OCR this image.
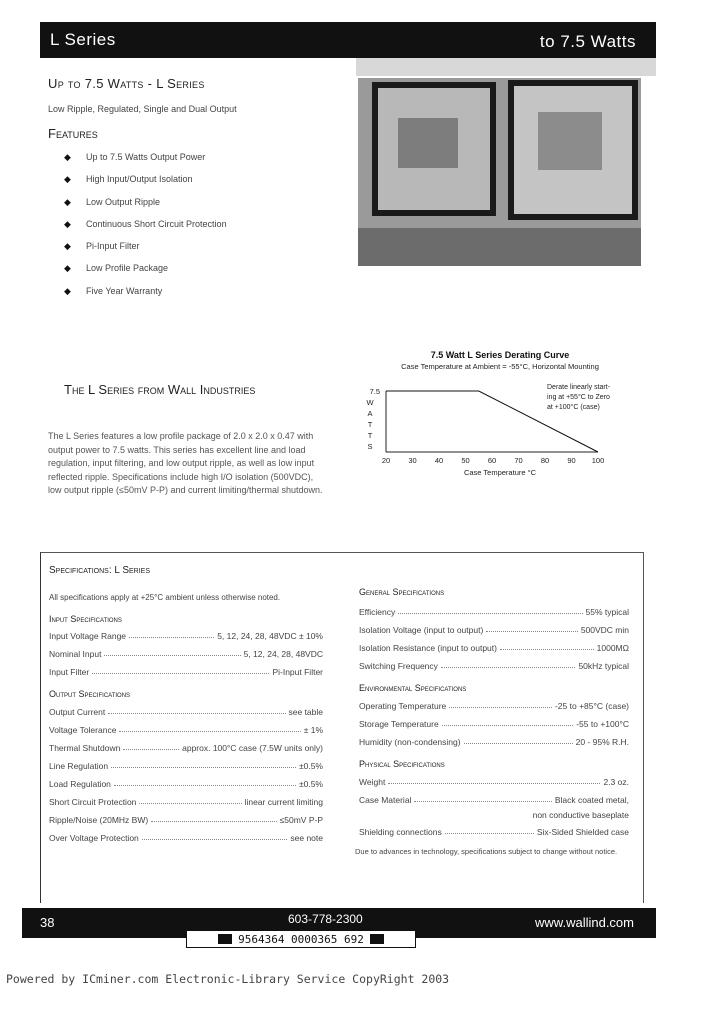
L Series	to 7.5 Watts
Up to 7.5 Watts - L Series
Low Ripple, Regulated, Single and Dual Output
Features
◆	Up to 7.5 Watts Output Power
◆	High Input/Output Isolation
◆	Low Output Ripple
◆	Continuous Short Circuit Protection
◆	Pi-Input Filter
◆	Low Profile Package
◆	Five Year Warranty
7.5 Watt L Series Derating Curve
Case Temperature at Ambient = -55°C, Horizontal Mounting
7.5
W
A
T
T
S
20 30 40 50 60 70 80 90 100
Case Temperature °C
Derate linearly start-
ing at +55°C to Zero
at +100°C (case)
The L Series from Wall Industries
The L Series features a low profile package of 2.0 x 2.0 x 0.47 with output power to 7.5 watts. This series has excellent line and load regulation, input filtering, and low output ripple, as well as low input reflected ripple. Specifications include high I/O isolation (500VDC), low output ripple (≤50mV P-P) and current limiting/thermal shutdown.
Specifications: L Series
All specifications apply at +25°C ambient unless otherwise noted.
Input Specifications
Input Voltage Range	5, 12, 24, 28, 48VDC ± 10%
Nominal Input	5, 12, 24, 28, 48VDC
Input Filter	Pi-Input Filter
Output Specifications
Output Current	see table
Voltage Tolerance	± 1%
Thermal Shutdown	approx. 100°C case (7.5W units only)
Line Regulation	±0.5%
Load Regulation	±0.5%
Short Circuit Protection	linear current limiting
Ripple/Noise (20MHz BW)	≤50mV P-P
Over Voltage Protection	see note
General Specifications
Efficiency	55% typical
Isolation Voltage (input to output)	500VDC min
Isolation Resistance (input to output)	1000MΩ
Switching Frequency	50kHz typical
Environmental Specifications
Operating Temperature	-25 to +85°C (case)
Storage Temperature	-55 to +100°C
Humidity (non-condensing)	20 - 95% R.H.
Physical Specifications
Weight	2.3 oz.
Case Material	Black coated metal,
non conductive baseplate
Shielding connections	Six-Sided Shielded case
Due to advances in technology, specifications subject to change without notice.
38	603-778-2300	www.wallind.com
9564364 0000365 692
Powered by ICminer.com Electronic-Library Service CopyRight 2003
